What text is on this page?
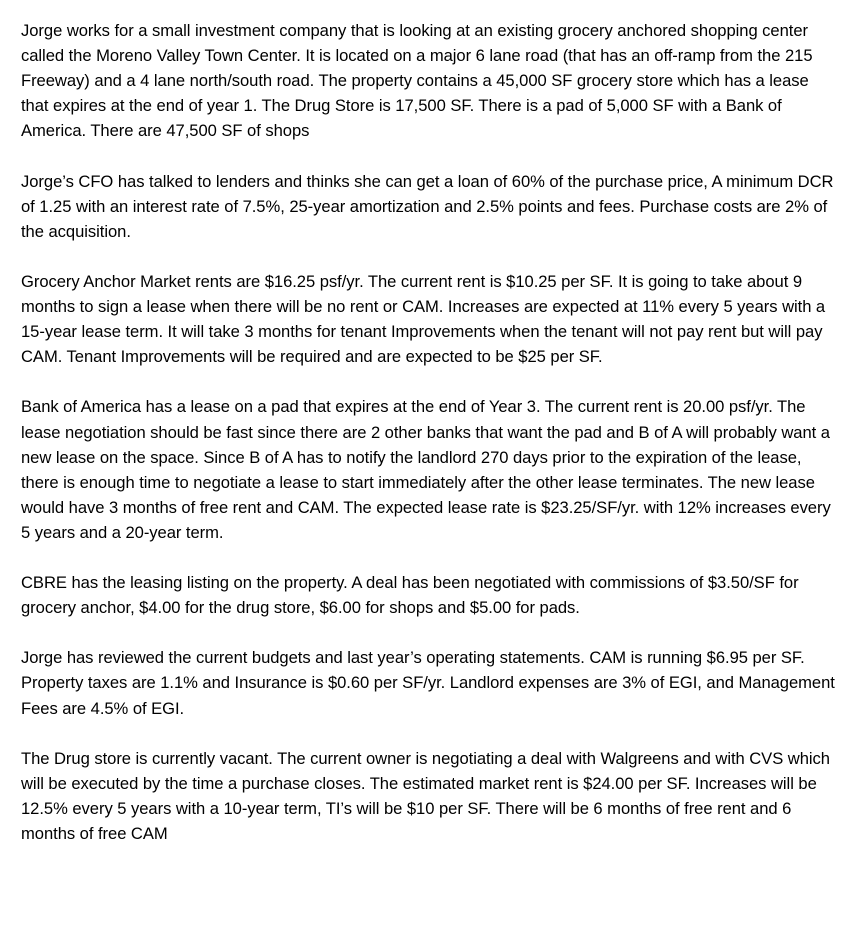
Jorge works for a small investment company that is looking at an existing grocery anchored shopping center called the Moreno Valley Town Center. It is located on a major 6 lane road (that has an off-ramp from the 215 Freeway) and a 4 lane north/south road. The property contains a 45,000 SF grocery store which has a lease that expires at the end of year 1. The Drug Store is 17,500 SF. There is a pad of 5,000 SF with a Bank of America. There are 47,500 SF of shops

Jorge’s CFO has talked to lenders and thinks she can get a loan of 60% of the purchase price, A minimum DCR of 1.25 with an interest rate of 7.5%, 25-year amortization and 2.5% points and fees. Purchase costs are 2% of the acquisition.

Grocery Anchor Market rents are $16.25 psf/yr. The current rent is $10.25 per SF. It is going to take about 9 months to sign a lease when there will be no rent or CAM. Increases are expected at 11% every 5 years with a 15-year lease term. It will take 3 months for tenant Improvements when the tenant will not pay rent but will pay CAM. Tenant Improvements will be required and are expected to be $25 per SF.

Bank of America has a lease on a pad that expires at the end of Year 3. The current rent is 20.00 psf/yr. The lease negotiation should be fast since there are 2 other banks that want the pad and B of A will probably want a new lease on the space. Since B of A has to notify the landlord 270 days prior to the expiration of the lease, there is enough time to negotiate a lease to start immediately after the other lease terminates. The new lease would have 3 months of free rent and CAM. The expected lease rate is $23.25/SF/yr. with 12% increases every 5 years and a 20-year term.

CBRE has the leasing listing on the property. A deal has been negotiated with commissions of $3.50/SF for grocery anchor, $4.00 for the drug store, $6.00 for shops and $5.00 for pads.

Jorge has reviewed the current budgets and last year’s operating statements. CAM is running $6.95 per SF. Property taxes are 1.1% and Insurance is $0.60 per SF/yr. Landlord expenses are 3% of EGI, and Management Fees are 4.5% of EGI.

The Drug store is currently vacant. The current owner is negotiating a deal with Walgreens and with CVS which will be executed by the time a purchase closes. The estimated market rent is $24.00 per SF. Increases will be 12.5% every 5 years with a 10-year term, TI’s will be $10 per SF. There will be 6 months of free rent and 6 months of free CAM
